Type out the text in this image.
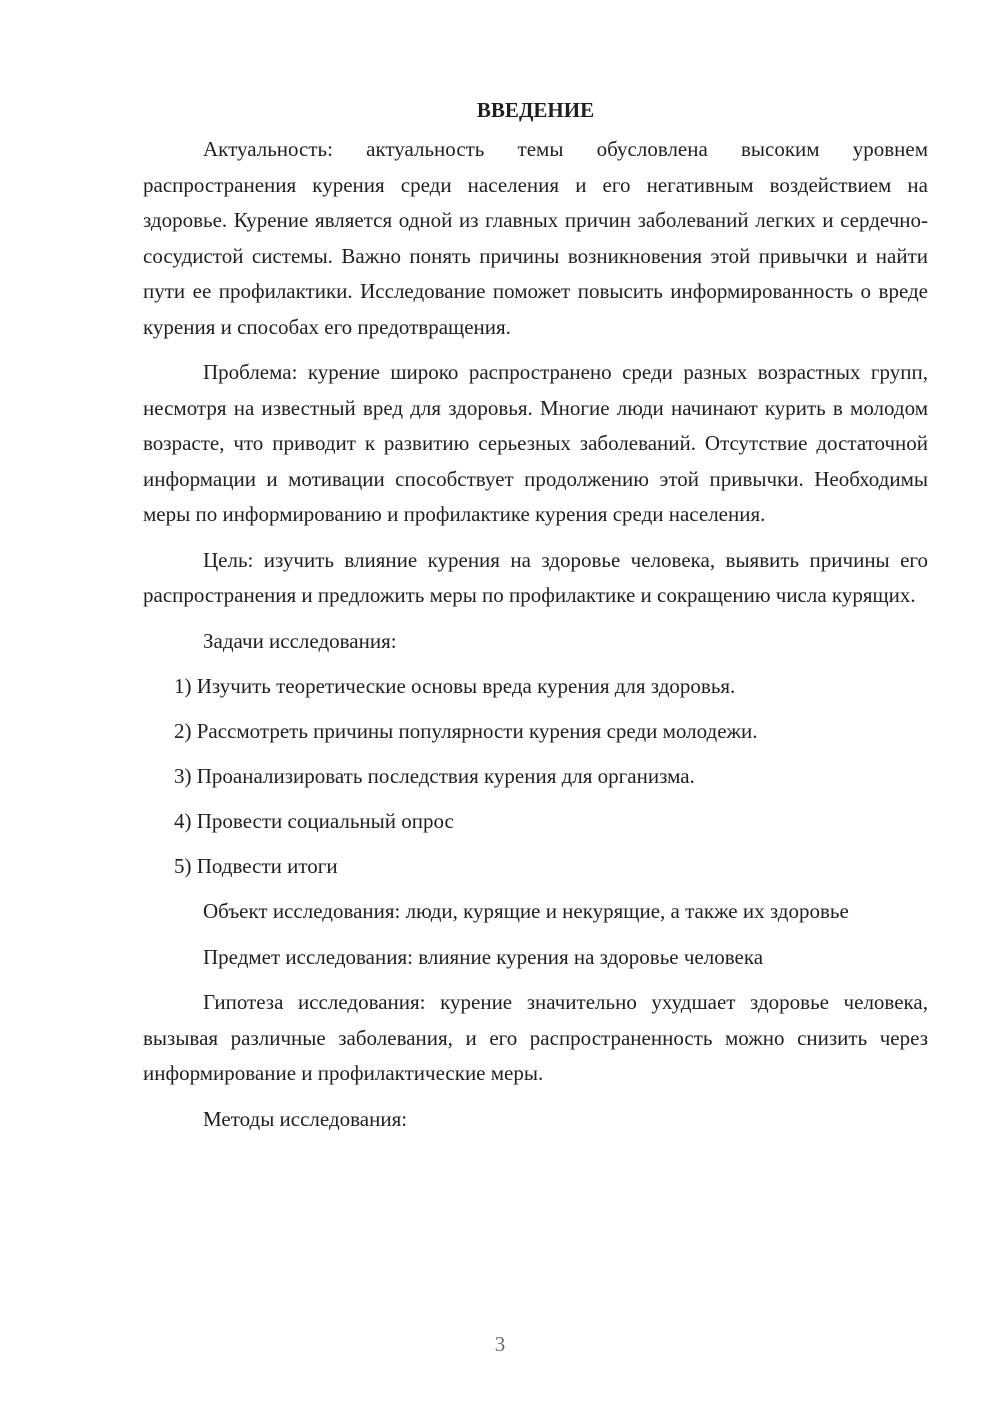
ВВЕДЕНИЕ

Актуальность: актуальность темы обусловлена высоким уровнем распространения курения среди населения и его негативным воздействием на здоровье. Курение является одной из главных причин заболеваний легких и сердечно-сосудистой системы. Важно понять причины возникновения этой привычки и найти пути ее профилактики. Исследование поможет повысить информированность о вреде курения и способах его предотвращения.

Проблема: курение широко распространено среди разных возрастных групп, несмотря на известный вред для здоровья. Многие люди начинают курить в молодом возрасте, что приводит к развитию серьезных заболеваний. Отсутствие достаточной информации и мотивации способствует продолжению этой привычки. Необходимы меры по информированию и профилактике курения среди населения.

Цель: изучить влияние курения на здоровье человека, выявить причины его распространения и предложить меры по профилактике и сокращению числа курящих.

Задачи исследования:

1) Изучить теоретические основы вреда курения для здоровья.
2) Рассмотреть причины популярности курения среди молодежи.
3) Проанализировать последствия курения для организма.
4) Провести социальный опрос
5) Подвести итоги

Объект исследования: люди, курящие и некурящие, а также их здоровье

Предмет исследования: влияние курения на здоровье человека

Гипотеза исследования: курение значительно ухудшает здоровье человека, вызывая различные заболевания, и его распространенность можно снизить через информирование и профилактические меры.

Методы исследования:

3
